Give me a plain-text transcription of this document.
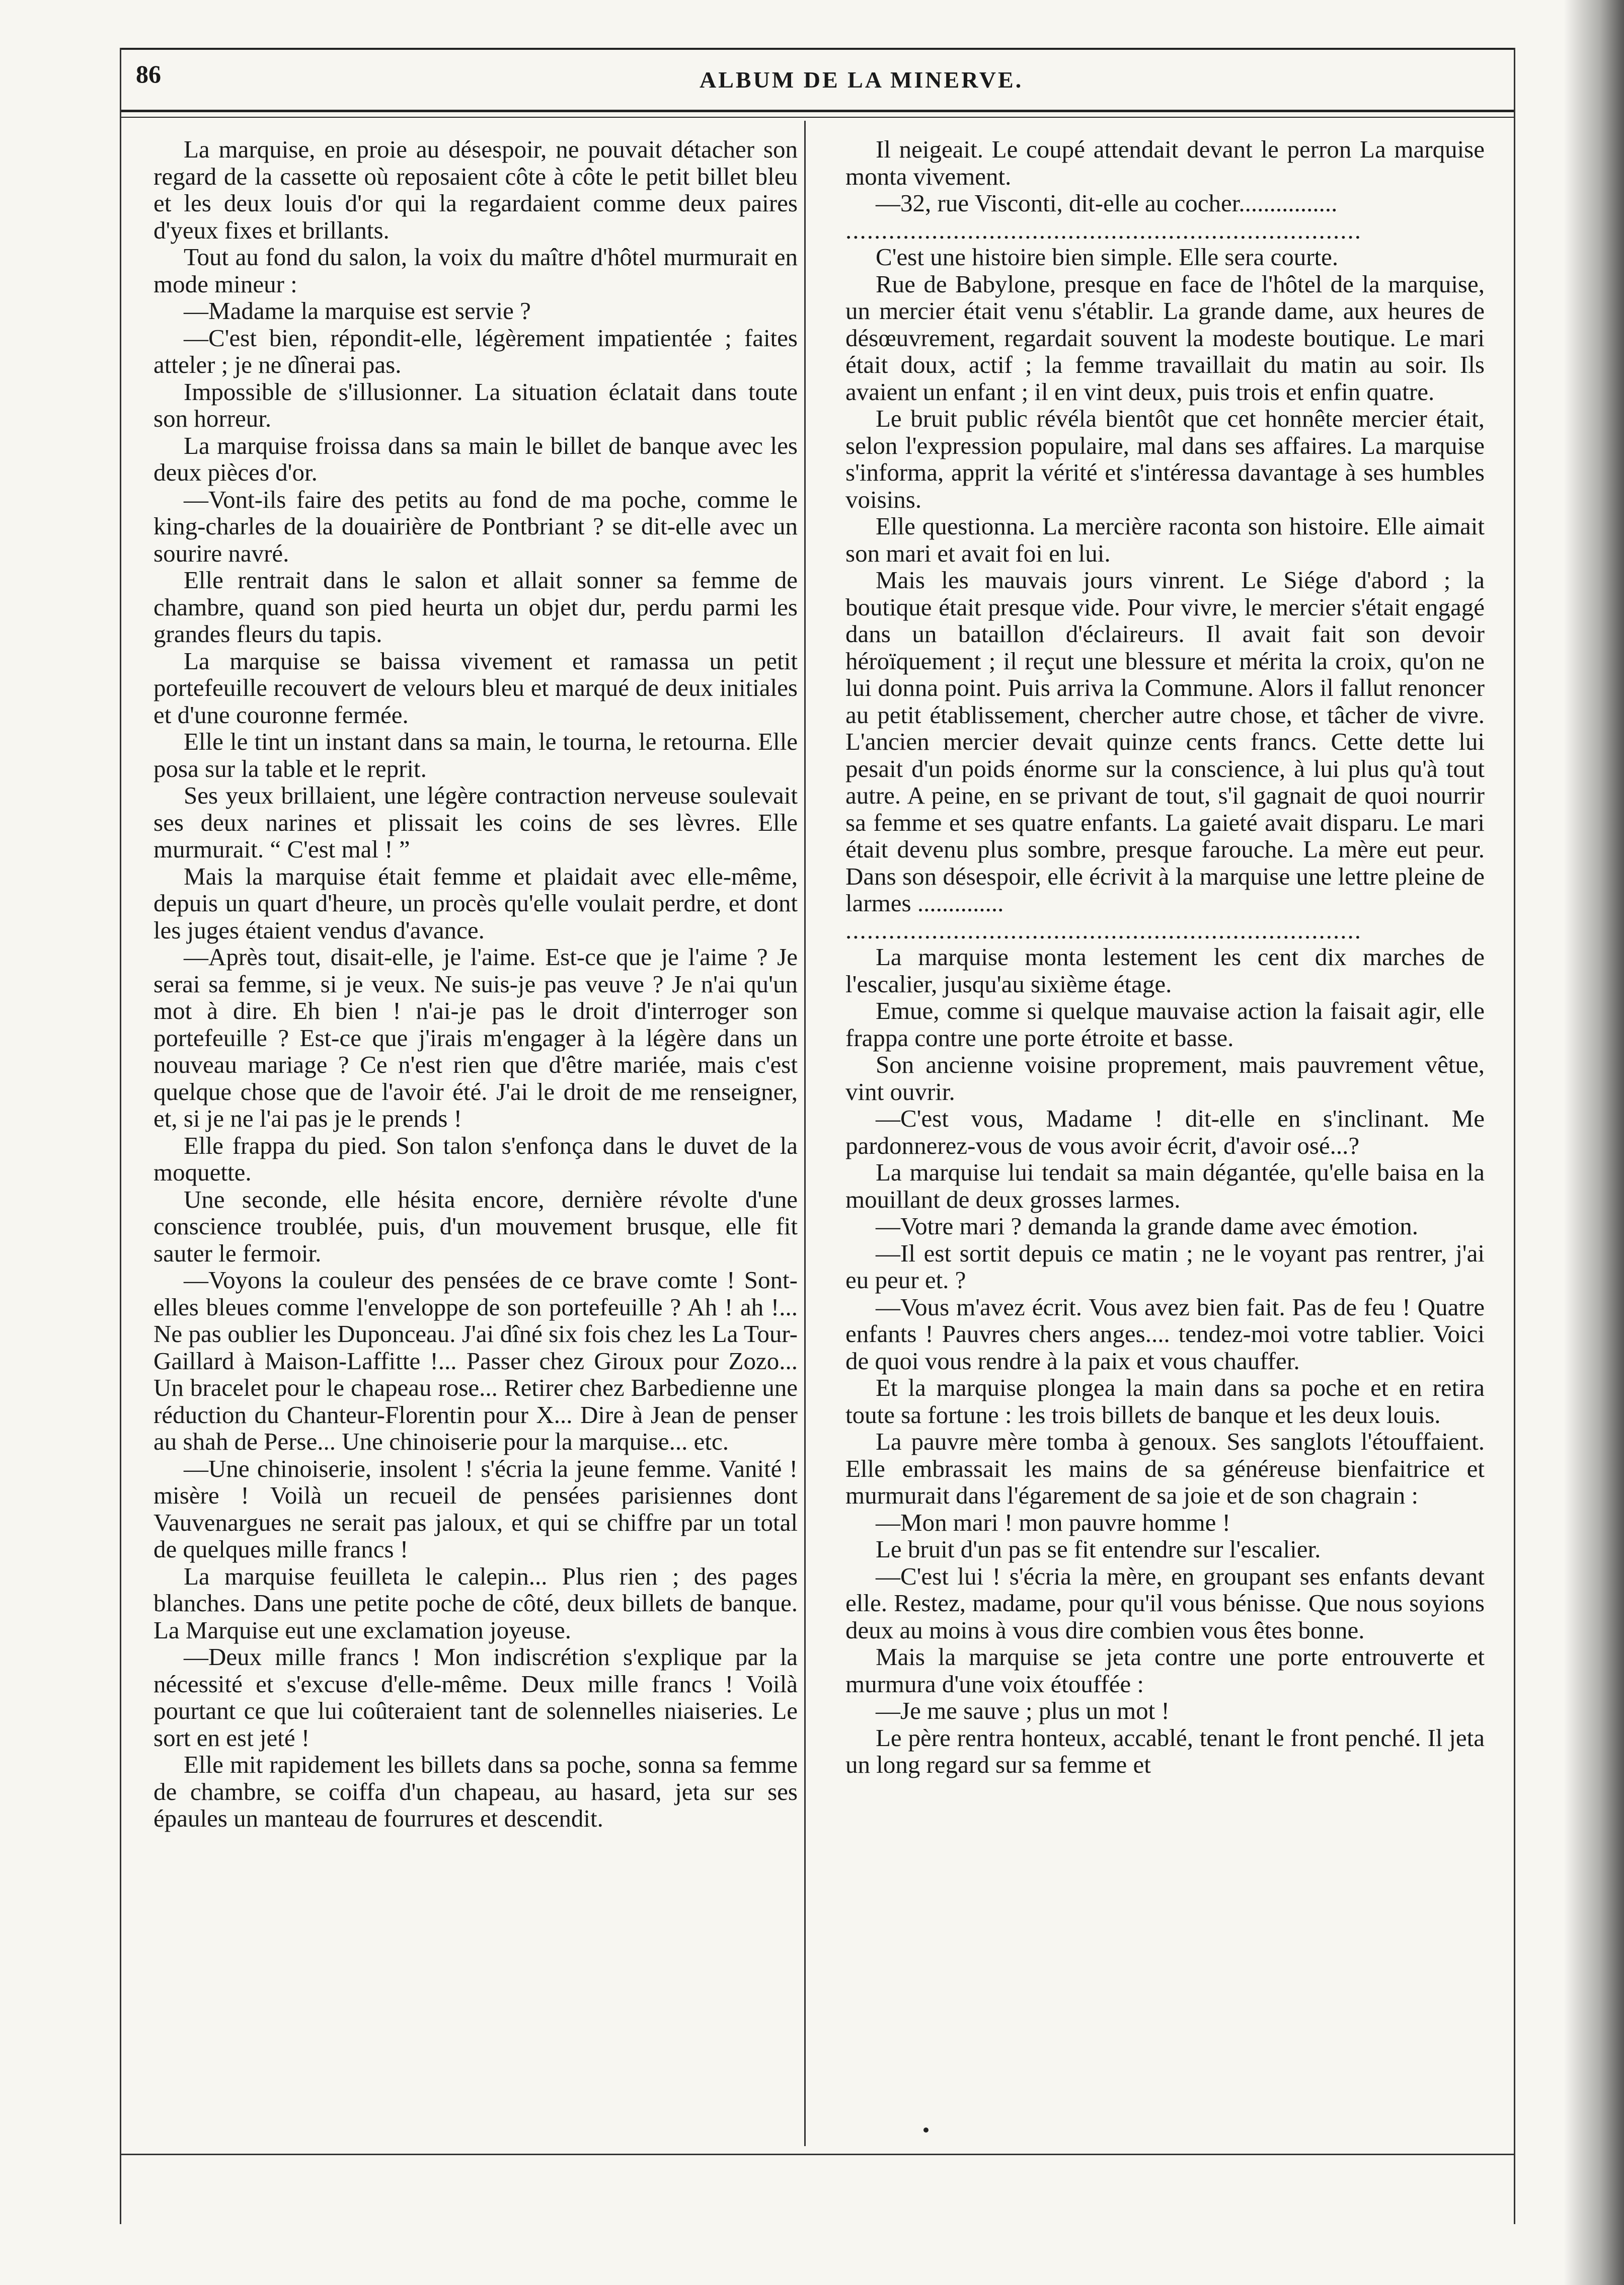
86	ALBUM DE LA MINERVE.

La marquise, en proie au désespoir, ne pouvait détacher son regard de la cassette où reposaient côte à côte le petit billet bleu et les deux louis d'or qui la regardaient comme deux paires d'yeux fixes et brillants.

Tout au fond du salon, la voix du maître d'hôtel murmurait en mode mineur :

—Madame la marquise est servie ?

—C'est bien, répondit-elle, légèrement impatientée ; faites atteler ; je ne dînerai pas.

Impossible de s'illusionner. La situation éclatait dans toute son horreur.

La marquise froissa dans sa main le billet de banque avec les deux pièces d'or.

—Vont-ils faire des petits au fond de ma poche, comme le king-charles de la douairière de Pontbriant ? se dit-elle avec un sourire navré.

Elle rentrait dans le salon et allait sonner sa femme de chambre, quand son pied heurta un objet dur, perdu parmi les grandes fleurs du tapis.

La marquise se baissa vivement et ramassa un petit portefeuille recouvert de velours bleu et marqué de deux initiales et d'une couronne fermée.

Elle le tint un instant dans sa main, le tourna, le retourna. Elle posa sur la table et le reprit.

Ses yeux brillaient, une légère contraction nerveuse soulevait ses deux narines et plissait les coins de ses lèvres. Elle murmurait. “ C'est mal ! ”

Mais la marquise était femme et plaidait avec elle-même, depuis un quart d'heure, un procès qu'elle voulait perdre, et dont les juges étaient vendus d'avance.

—Après tout, disait-elle, je l'aime. Est-ce que je l'aime ? Je serai sa femme, si je veux. Ne suis-je pas veuve ? Je n'ai qu'un mot à dire. Eh bien ! n'ai-je pas le droit d'interroger son portefeuille ? Est-ce que j'irais m'engager à la légère dans un nouveau mariage ? Ce n'est rien que d'être mariée, mais c'est quelque chose que de l'avoir été. J'ai le droit de me renseigner, et, si je ne l'ai pas je le prends !

Elle frappa du pied. Son talon s'enfonça dans le duvet de la moquette.

Une seconde, elle hésita encore, dernière révolte d'une conscience troublée, puis, d'un mouvement brusque, elle fit sauter le fermoir.

—Voyons la couleur des pensées de ce brave comte ! Sont-elles bleues comme l'enveloppe de son portefeuille ? Ah ! ah !... Ne pas oublier les Duponceau. J'ai dîné six fois chez les La Tour-Gaillard à Maison-Laffitte !... Passer chez Giroux pour Zozo... Un bracelet pour le chapeau rose... Retirer chez Barbedienne une réduction du Chanteur-Florentin pour X... Dire à Jean de penser au shah de Perse... Une chinoiserie pour la marquise... etc.

—Une chinoiserie, insolent ! s'écria la jeune femme. Vanité ! misère ! Voilà un recueil de pensées parisiennes dont Vauvenargues ne serait pas jaloux, et qui se chiffre par un total de quelques mille francs !

La marquise feuilleta le calepin... Plus rien ; des pages blanches. Dans une petite poche de côté, deux billets de banque. La Marquise eut une exclamation joyeuse.

—Deux mille francs ! Mon indiscrétion s'explique par la nécessité et s'excuse d'elle-même. Deux mille francs ! Voilà pourtant ce que lui coûteraient tant de solennelles niaiseries. Le sort en est jeté !

Elle mit rapidement les billets dans sa poche, sonna sa femme de chambre, se coiffa d'un chapeau, au hasard, jeta sur ses épaules un manteau de fourrures et descendit.

Il neigeait. Le coupé attendait devant le perron La marquise monta vivement.

—32, rue Visconti, dit-elle au cocher................

........................................................................

C'est une histoire bien simple. Elle sera courte.

Rue de Babylone, presque en face de l'hôtel de la marquise, un mercier était venu s'établir. La grande dame, aux heures de désœuvrement, regardait souvent la modeste boutique. Le mari était doux, actif ; la femme travaillait du matin au soir. Ils avaient un enfant ; il en vint deux, puis trois et enfin quatre.

Le bruit public révéla bientôt que cet honnête mercier était, selon l'expression populaire, mal dans ses affaires. La marquise s'informa, apprit la vérité et s'intéressa davantage à ses humbles voisins.

Elle questionna. La mercière raconta son histoire. Elle aimait son mari et avait foi en lui.

Mais les mauvais jours vinrent. Le Siége d'abord ; la boutique était presque vide. Pour vivre, le mercier s'était engagé dans un bataillon d'éclaireurs. Il avait fait son devoir héroïquement ; il reçut une blessure et mérita la croix, qu'on ne lui donna point. Puis arriva la Commune. Alors il fallut renoncer au petit établissement, chercher autre chose, et tâcher de vivre. L'ancien mercier devait quinze cents francs. Cette dette lui pesait d'un poids énorme sur la conscience, à lui plus qu'à tout autre. A peine, en se privant de tout, s'il gagnait de quoi nourrir sa femme et ses quatre enfants. La gaieté avait disparu. Le mari était devenu plus sombre, presque farouche. La mère eut peur. Dans son désespoir, elle écrivit à la marquise une lettre pleine de larmes ..............

........................................................................

La marquise monta lestement les cent dix marches de l'escalier, jusqu'au sixième étage.

Emue, comme si quelque mauvaise action la faisait agir, elle frappa contre une porte étroite et basse.

Son ancienne voisine proprement, mais pauvrement vêtue, vint ouvrir.

—C'est vous, Madame ! dit-elle en s'inclinant. Me pardonnerez-vous de vous avoir écrit, d'avoir osé...?

La marquise lui tendait sa main dégantée, qu'elle baisa en la mouillant de deux grosses larmes.

—Votre mari ? demanda la grande dame avec émotion.

—Il est sortit depuis ce matin ; ne le voyant pas rentrer, j'ai eu peur et. ?

—Vous m'avez écrit. Vous avez bien fait. Pas de feu ! Quatre enfants ! Pauvres chers anges.... tendez-moi votre tablier. Voici de quoi vous rendre à la paix et vous chauffer.

Et la marquise plongea la main dans sa poche et en retira toute sa fortune : les trois billets de banque et les deux louis.

La pauvre mère tomba à genoux. Ses sanglots l'étouffaient. Elle embrassait les mains de sa généreuse bienfaitrice et murmurait dans l'égarement de sa joie et de son chagrain :

—Mon mari ! mon pauvre homme !

Le bruit d'un pas se fit entendre sur l'escalier.

—C'est lui ! s'écria la mère, en groupant ses enfants devant elle. Restez, madame, pour qu'il vous bénisse. Que nous soyions deux au moins à vous dire combien vous êtes bonne.

Mais la marquise se jeta contre une porte entrouverte et murmura d'une voix étouffée :

—Je me sauve ; plus un mot !

Le père rentra honteux, accablé, tenant le front penché. Il jeta un long regard sur sa femme et
